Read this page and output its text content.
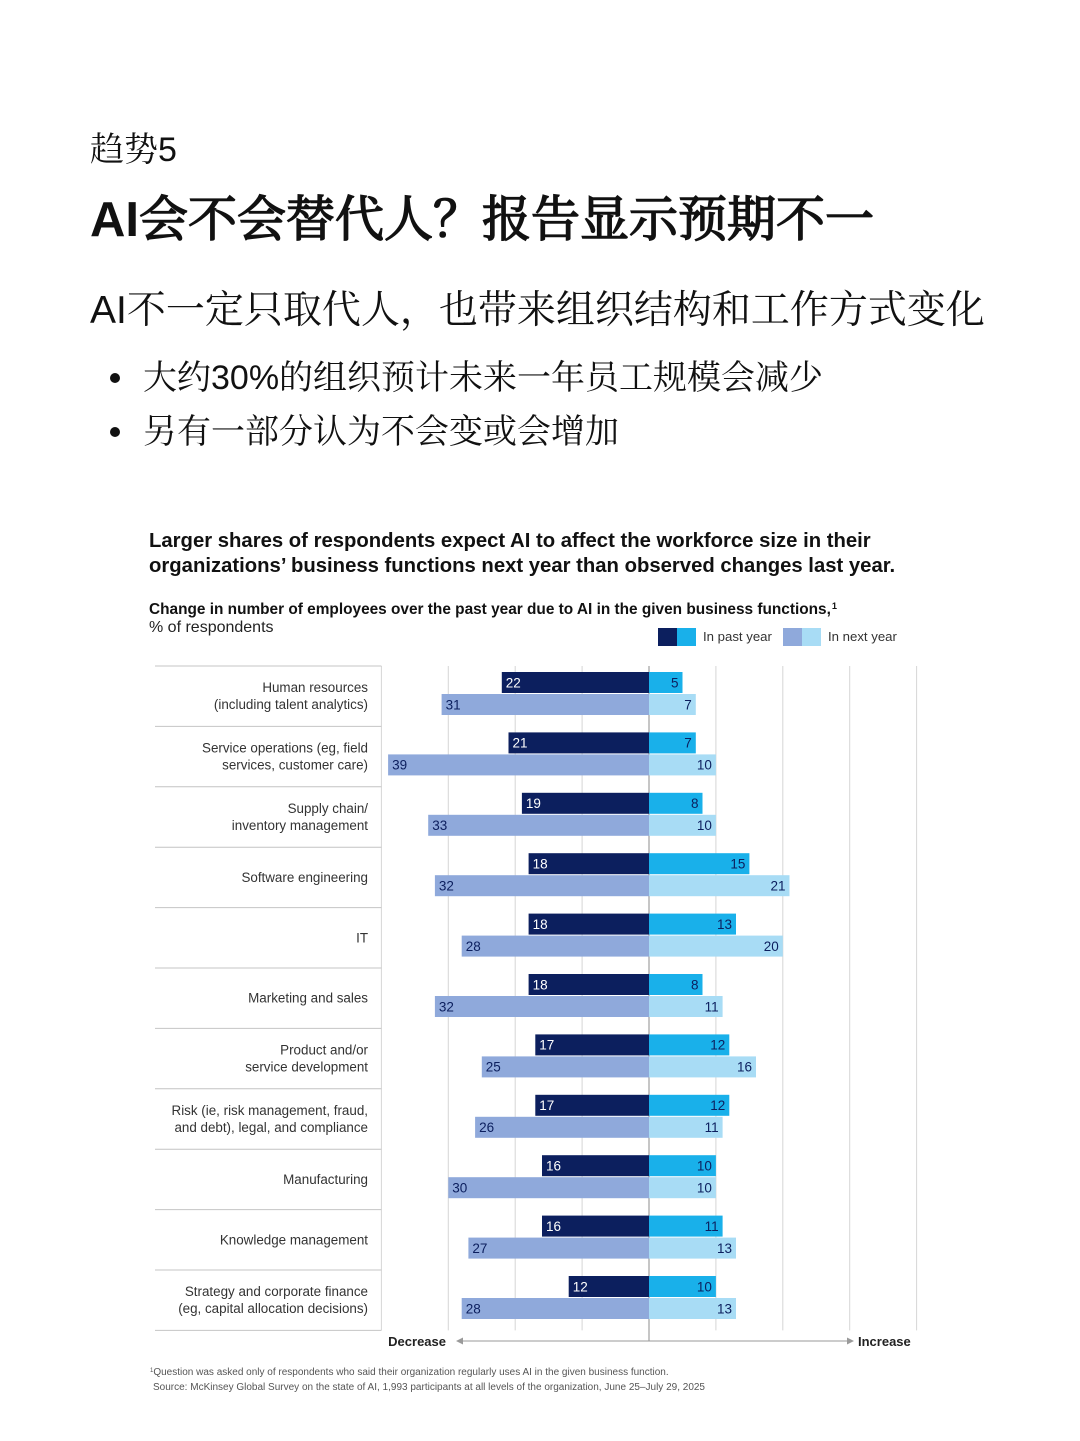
趋势5
AI会不会替代人？报告显示预期不一
AI不一定只取代人，也带来组织结构和工作方式变化
大约30%的组织预计未来一年员工规模会减少
另有一部分认为不会变或会增加
Larger shares of respondents expect AI to affect the workforce size in their organizations’ business functions next year than observed changes last year.
Change in number of employees over the past year due to AI in the given business functions,$^1$
% of respondents
In past year	In next year
Human resources (including talent analytics)
22	5
31	7
Service operations (eg, field services, customer care)
21	7
39	10
Supply chain/ inventory management
19	8
33	10
Software engineering
18	15
32	21
IT
18	13
28	20
Marketing and sales
18	8
32	11
Product and/or service development
17	12
25	16
Risk (ie, risk management, fraud, and debt), legal, and compliance
17	12
26	11
Manufacturing
16	10
30	10
Knowledge management
16	11
27	13
Strategy and corporate finance (eg, capital allocation decisions)
12	10
28	13
Decrease	Increase
$^1$Question was asked only of respondents who said their organization regularly uses AI in the given business function.
Source: McKinsey Global Survey on the state of AI, 1,993 participants at all levels of the organization, June 25–July 29, 2025
